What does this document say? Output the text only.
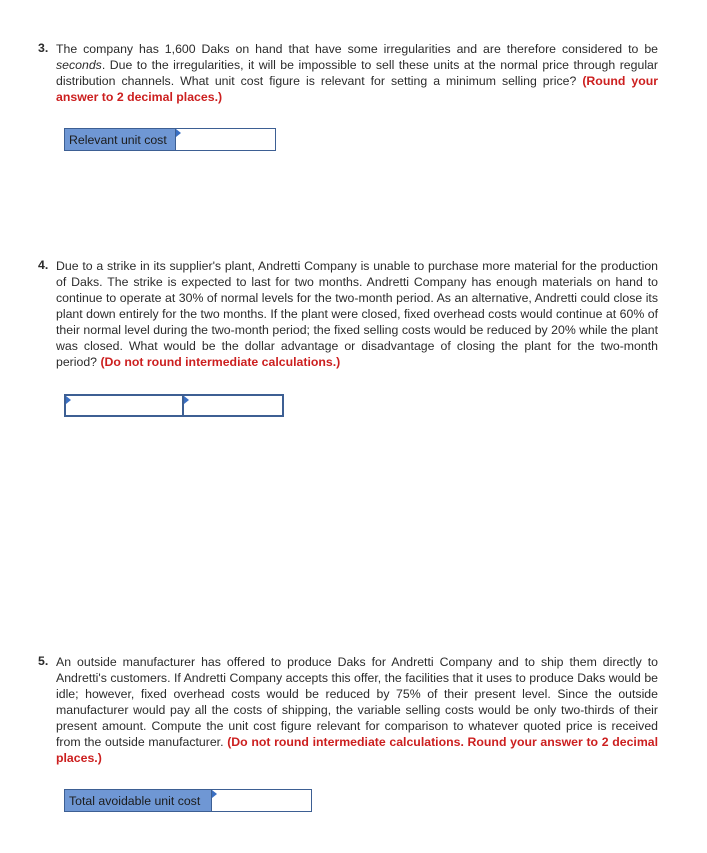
3. The company has 1,600 Daks on hand that have some irregularities and are therefore considered to be seconds. Due to the irregularities, it will be impossible to sell these units at the normal price through regular distribution channels. What unit cost figure is relevant for setting a minimum selling price? (Round your answer to 2 decimal places.)
Relevant unit cost
4. Due to a strike in its supplier's plant, Andretti Company is unable to purchase more material for the production of Daks. The strike is expected to last for two months. Andretti Company has enough materials on hand to continue to operate at 30% of normal levels for the two-month period. As an alternative, Andretti could close its plant down entirely for the two months. If the plant were closed, fixed overhead costs would continue at 60% of their normal level during the two-month period; the fixed selling costs would be reduced by 20% while the plant was closed. What would be the dollar advantage or disadvantage of closing the plant for the two-month period? (Do not round intermediate calculations.)
5. An outside manufacturer has offered to produce Daks for Andretti Company and to ship them directly to Andretti's customers. If Andretti Company accepts this offer, the facilities that it uses to produce Daks would be idle; however, fixed overhead costs would be reduced by 75% of their present level. Since the outside manufacturer would pay all the costs of shipping, the variable selling costs would be only two-thirds of their present amount. Compute the unit cost figure relevant for comparison to whatever quoted price is received from the outside manufacturer. (Do not round intermediate calculations. Round your answer to 2 decimal places.)
Total avoidable unit cost
